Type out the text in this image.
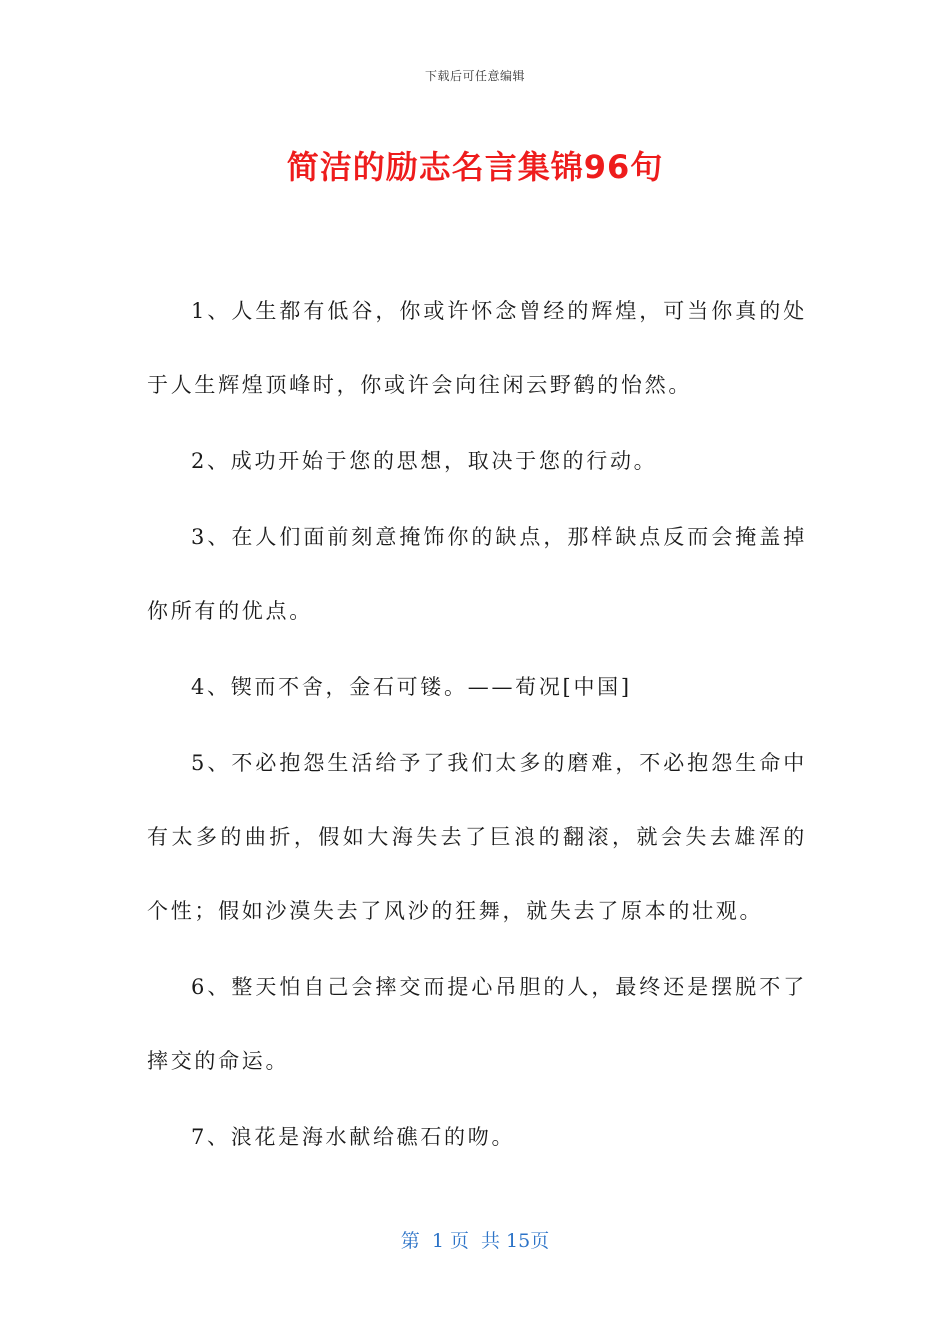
下载后可任意编辑
简洁的励志名言集锦96句

1、人生都有低谷，你或许怀念曾经的辉煌，可当你真的处于人生辉煌顶峰时，你或许会向往闲云野鹤的怡然。

2、成功开始于您的思想，取决于您的行动。

3、在人们面前刻意掩饰你的缺点，那样缺点反而会掩盖掉你所有的优点。

4、锲而不舍，金石可镂。——荀况[中国]

5、不必抱怨生活给予了我们太多的磨难，不必抱怨生命中有太多的曲折，假如大海失去了巨浪的翻滚，就会失去雄浑的个性；假如沙漠失去了风沙的狂舞，就失去了原本的壮观。

6、整天怕自己会摔交而提心吊胆的人，最终还是摆脱不了摔交的命运。

7、浪花是海水献给礁石的吻。

第  1 页  共 15页
